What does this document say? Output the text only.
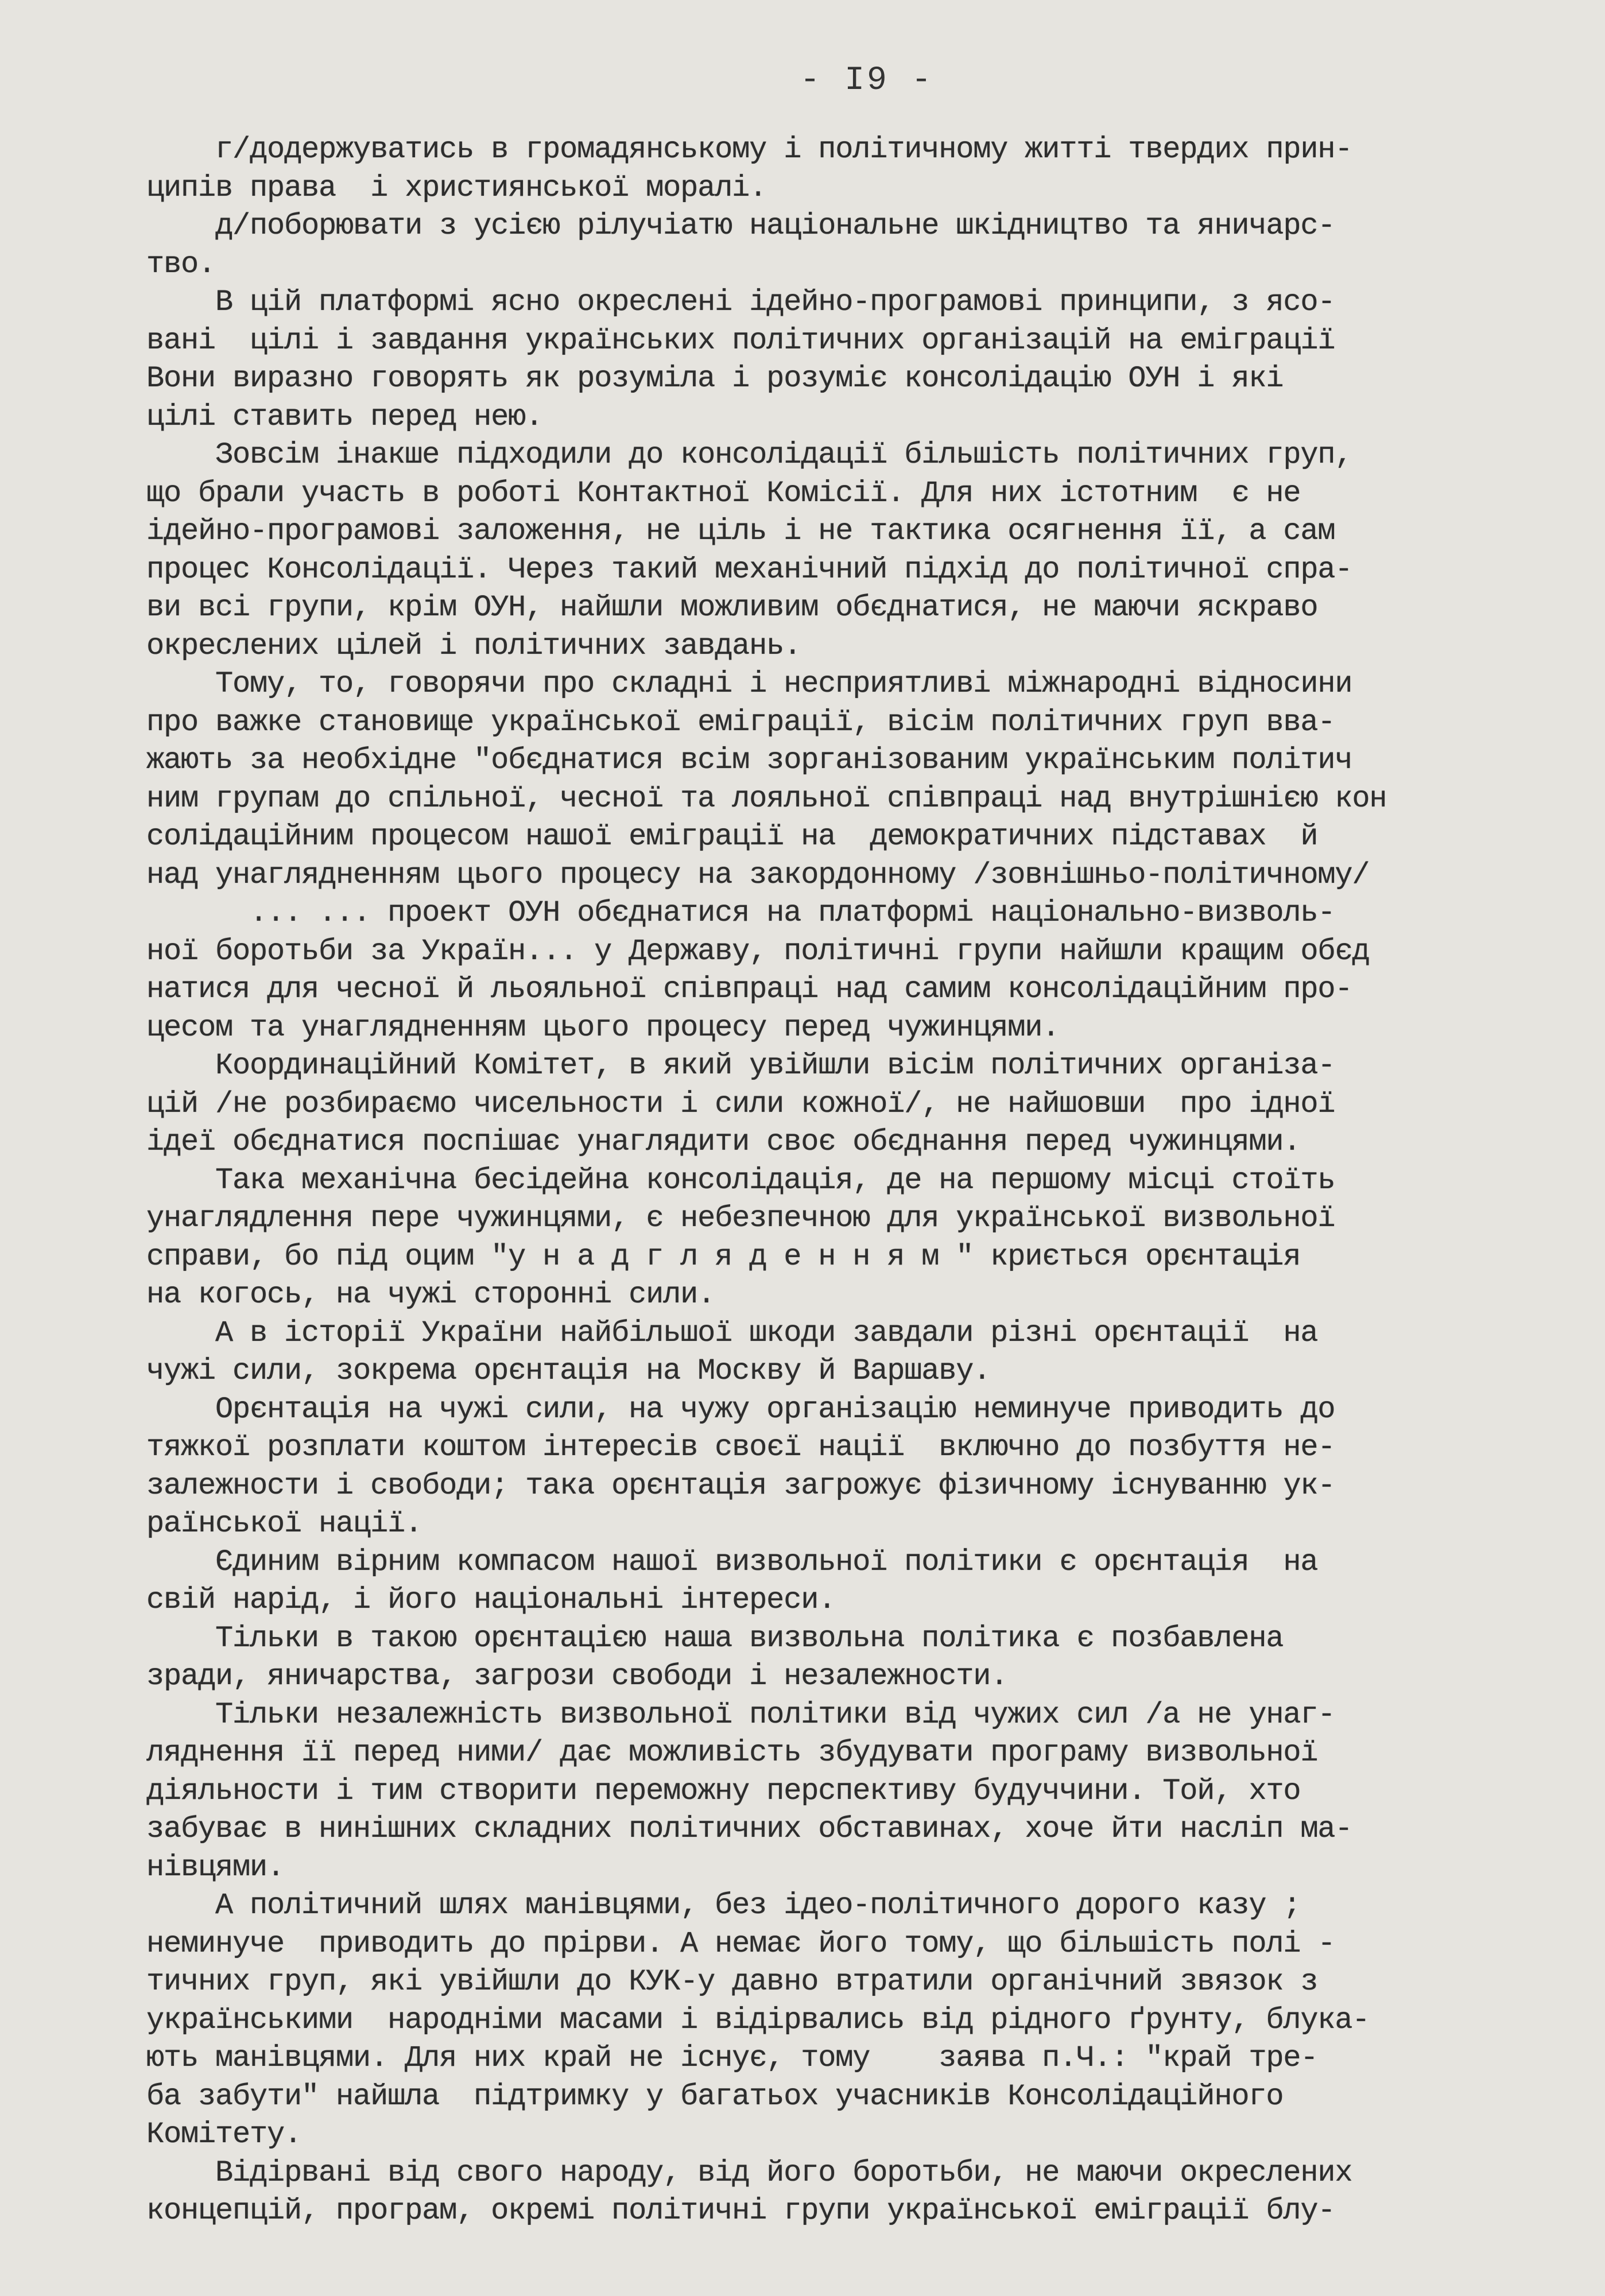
- I9 -
г/додержуватись в громадянському і політичному житті твердих прин-
ципів права  і християнської моралі.
д/поборювати з усією рілучіатю національне шкідництво та яничарс-
тво.
В цій платформі ясно окреслені ідейно-програмові принципи, з ясо-
вані  цілі і завдання українських політичних організацій на еміграції
Вони виразно говорять як розуміла і розуміє консолідацію ОУН і які
цілі ставить перед нею.
Зовсім інакше підходили до консолідації більшість політичних груп,
що брали участь в роботі Контактної Комісії. Для них істотним  є не
ідейно-програмові заложення, не ціль і не тактика осягнення її, а сам
процес Консолідації. Через такий механічний підхід до політичної спра-
ви всі групи, крім ОУН, найшли можливим обєднатися, не маючи яскраво
окреслених цілей і політичних завдань.
Тому, то, говорячи про складні і несприятливі міжнародні відносини
про важке становище української еміграції, вісім політичних груп вва-
жають за необхідне "обєднатися всім зорганізованим українським політич
ним групам до спільної, чесної та лояльної співпраці над внутрішнією кон
солідаційним процесом нашої еміграції на  демократичних підставах  й
над унаглядненням цього процесу на закордонному /зовнішньо-політичному/
... ... проект ОУН обєднатися на платформі національно-визволь-
ної боротьби за Україн... у Державу, політичні групи найшли кращим обєд
натися для чесної й льояльної співпраці над самим консолідаційним про-
цесом та унаглядненням цього процесу перед чужинцями.
Координаційний Комітет, в який увійшли вісім політичних організа-
цій /не розбираємо чисельности і сили кожної/, не найшовши  про ідної
ідеї обєднатися поспішає унаглядити своє обєднання перед чужинцями.
Така механічна бесідейна консолідація, де на першому місці стоїть
унаглядлення пере чужинцями, є небезпечною для української визвольної
справи, бо під оцим "у н а д г л я д е н н я м " криється орєнтація
на когось, на чужі сторонні сили.
А в історії України найбільшої шкоди завдали різні орєнтації  на
чужі сили, зокрема орєнтація на Москву й Варшаву.
Орєнтація на чужі сили, на чужу організацію неминуче приводить до
тяжкої розплати коштом інтересів своєї нації  включно до позбуття не-
залежности і свободи; така орєнтація загрожує фізичному існуванню ук-
раїнської нації.
Єдиним вірним компасом нашої визвольної політики є орєнтація  на
свій нарід, і його національні інтереси.
Тільки в такою орєнтацією наша визвольна політика є позбавлена
зради, яничарства, загрози свободи і незалежности.
Тільки незалежність визвольної політики від чужих сил /а не унаг-
ляднення її перед ними/ дає можливість збудувати програму визвольної
діяльности і тим створити переможну перспективу будуччини. Той, хто
забуває в нинішних складних політичних обставинах, хоче йти насліп ма-
нівцями.
А політичний шлях манівцями, без ідео-політичного дорого казу ;
неминуче  приводить до прірви. А немає його тому, що більшість полі -
тичних груп, які увійшли до КУК-у давно втратили органічний звязок з
українськими  народніми масами і відірвались від рідного ґрунту, блука-
ють манівцями. Для них край не існує, тому    заява п.Ч.: "край тре-
ба забути" найшла  підтримку у багатьох учасників Консолідаційного
Комітету.
Відірвані від свого народу, від його боротьби, не маючи окреслених
концепцій, програм, окремі політичні групи української еміграції блу-
